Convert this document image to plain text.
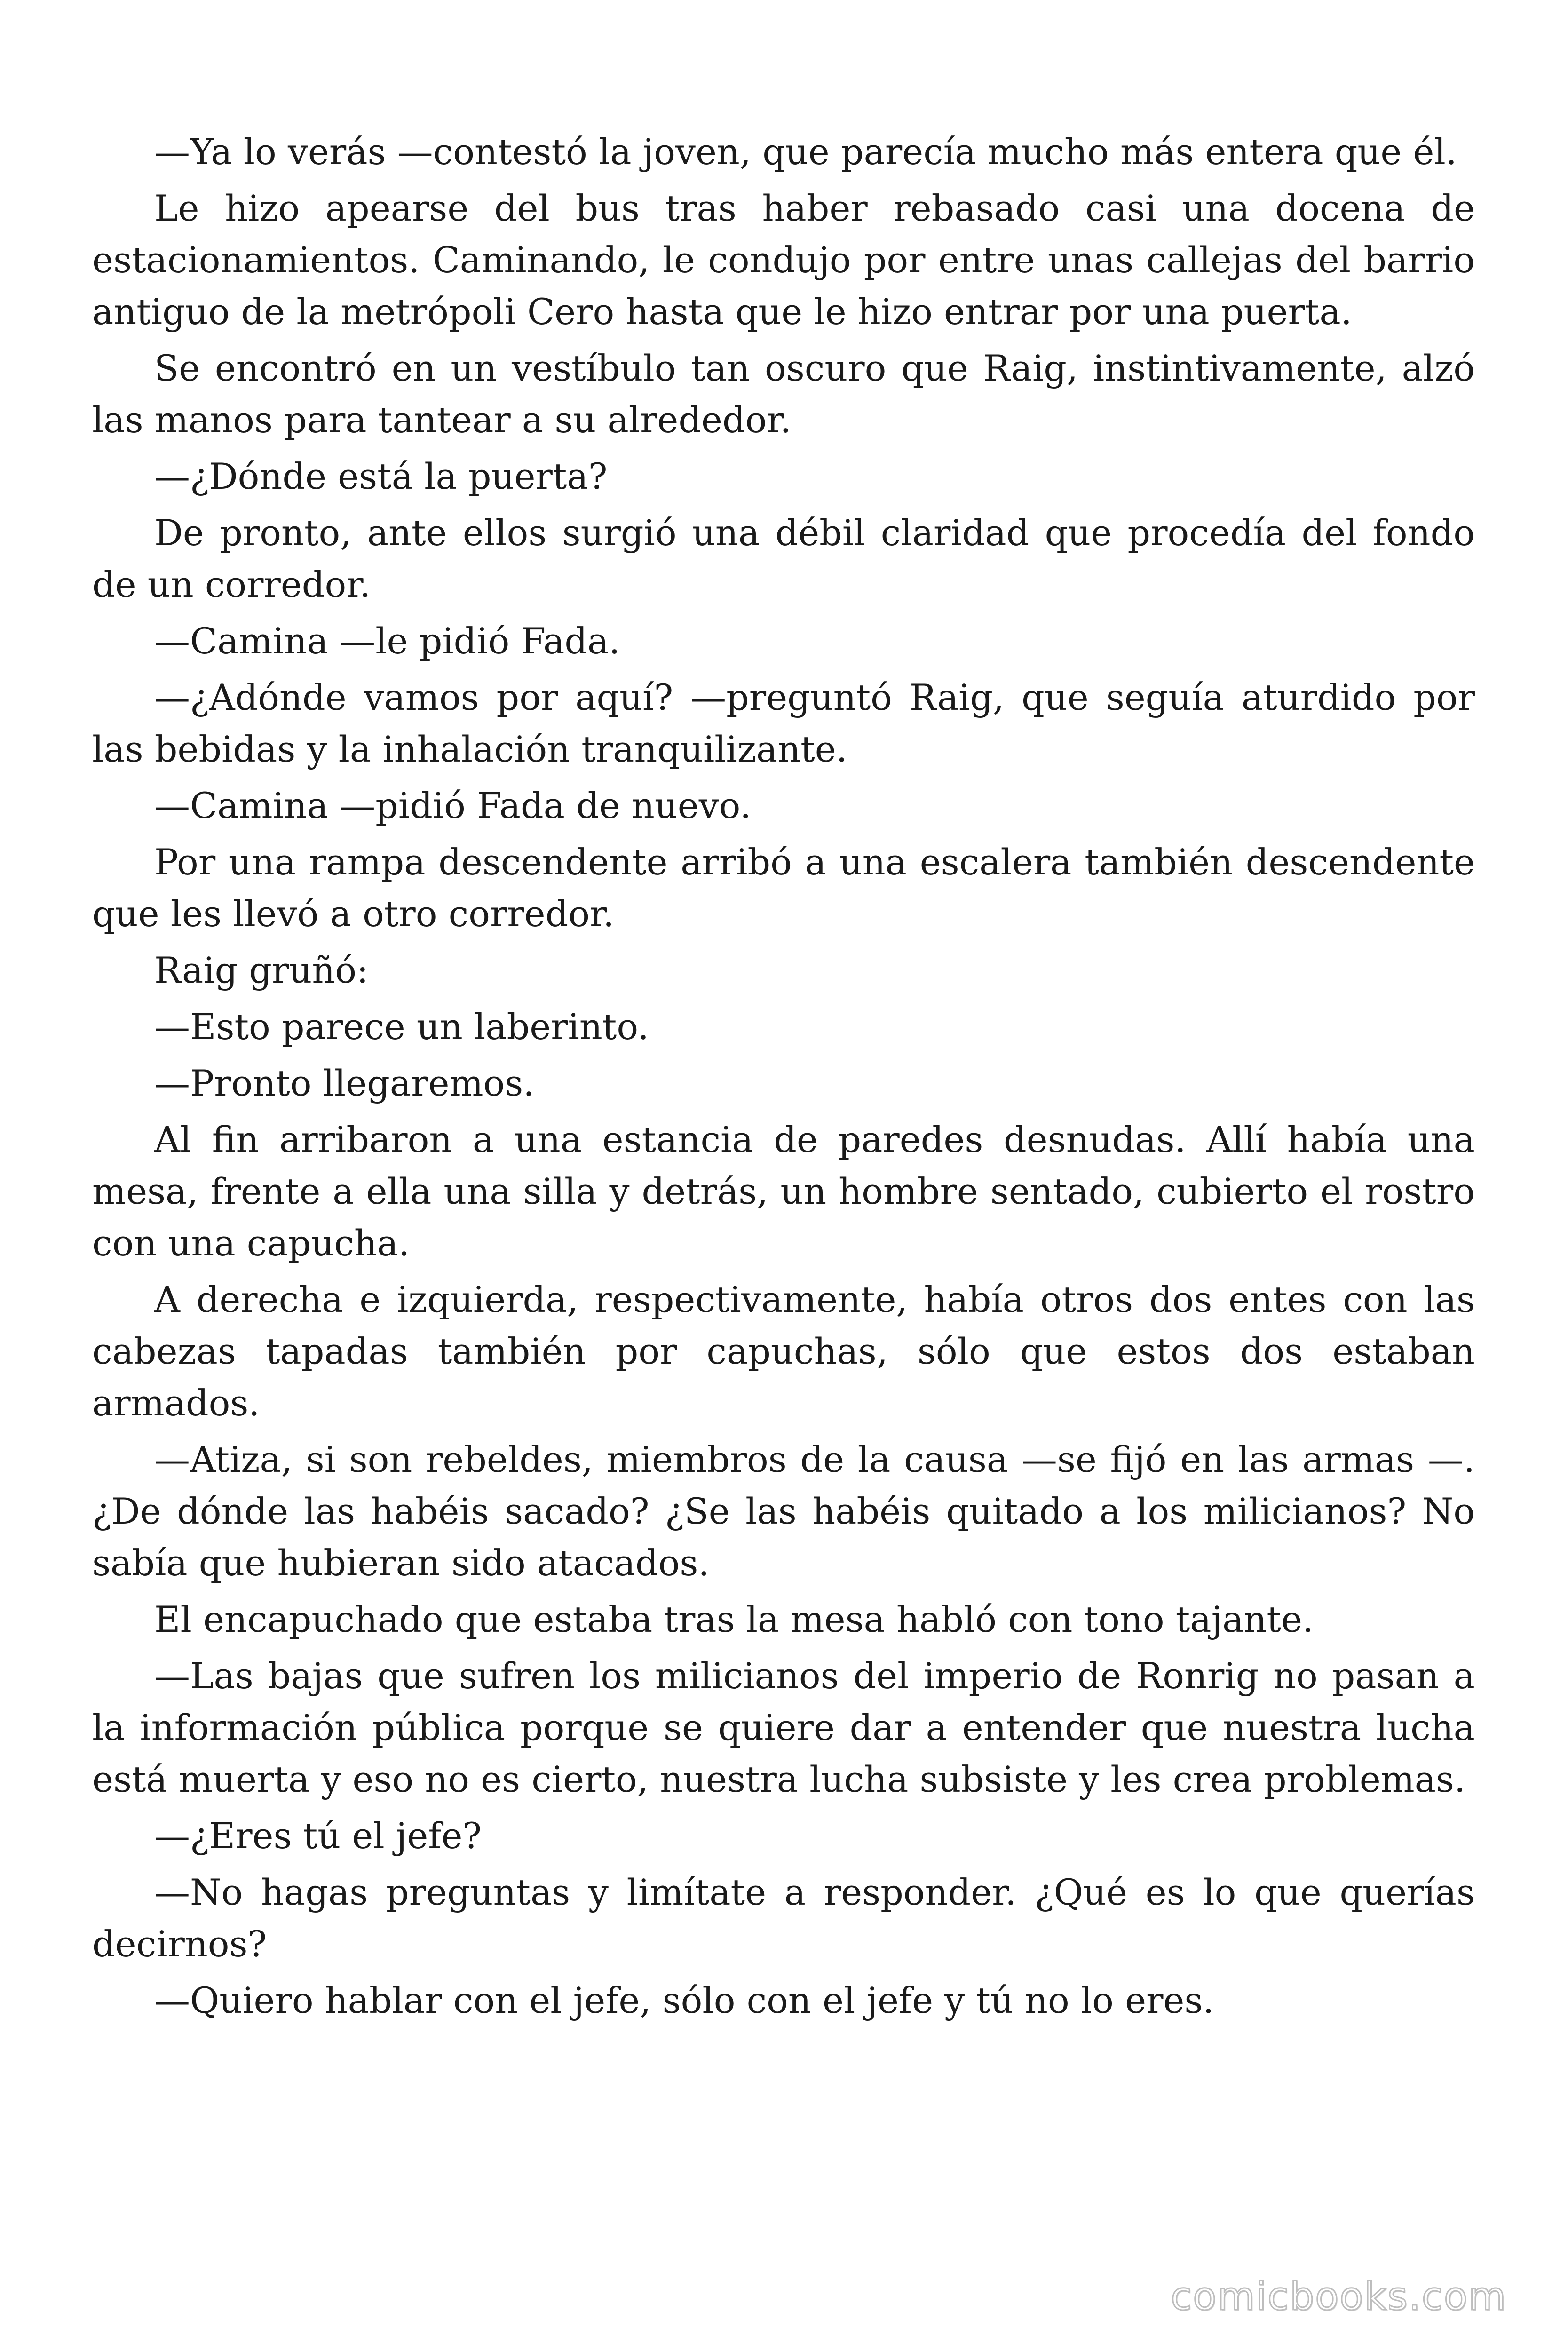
—Ya lo verás —contestó la joven, que parecía mucho más entera que él.

Le hizo apearse del bus tras haber rebasado casi una docena de estacionamientos. Caminando, le condujo por entre unas callejas del barrio antiguo de la metrópoli Cero hasta que le hizo entrar por una puerta.

Se encontró en un vestíbulo tan oscuro que Raig, instintivamente, alzó las manos para tantear a su alrededor.

—¿Dónde está la puerta?

De pronto, ante ellos surgió una débil claridad que procedía del fondo de un corredor.

—Camina —le pidió Fada.

—¿Adónde vamos por aquí? —preguntó Raig, que seguía aturdido por las bebidas y la inhalación tranquilizante.

—Camina —pidió Fada de nuevo.

Por una rampa descendente arribó a una escalera también descendente que les llevó a otro corredor.

Raig gruñó:

—Esto parece un laberinto.

—Pronto llegaremos.

Al fin arribaron a una estancia de paredes desnudas. Allí había una mesa, frente a ella una silla y detrás, un hombre sentado, cubierto el rostro con una capucha.

A derecha e izquierda, respectivamente, había otros dos entes con las cabezas tapadas también por capuchas, sólo que estos dos estaban armados.

—Atiza, si son rebeldes, miembros de la causa —se fijó en las armas —. ¿De dónde las habéis sacado? ¿Se las habéis quitado a los milicianos? No sabía que hubieran sido atacados.

El encapuchado que estaba tras la mesa habló con tono tajante.

—Las bajas que sufren los milicianos del imperio de Ronrig no pasan a la información pública porque se quiere dar a entender que nuestra lucha está muerta y eso no es cierto, nuestra lucha subsiste y les crea problemas.

—¿Eres tú el jefe?

—No hagas preguntas y limítate a responder. ¿Qué es lo que querías decirnos?

—Quiero hablar con el jefe, sólo con el jefe y tú no lo eres.

comicbooks.com
